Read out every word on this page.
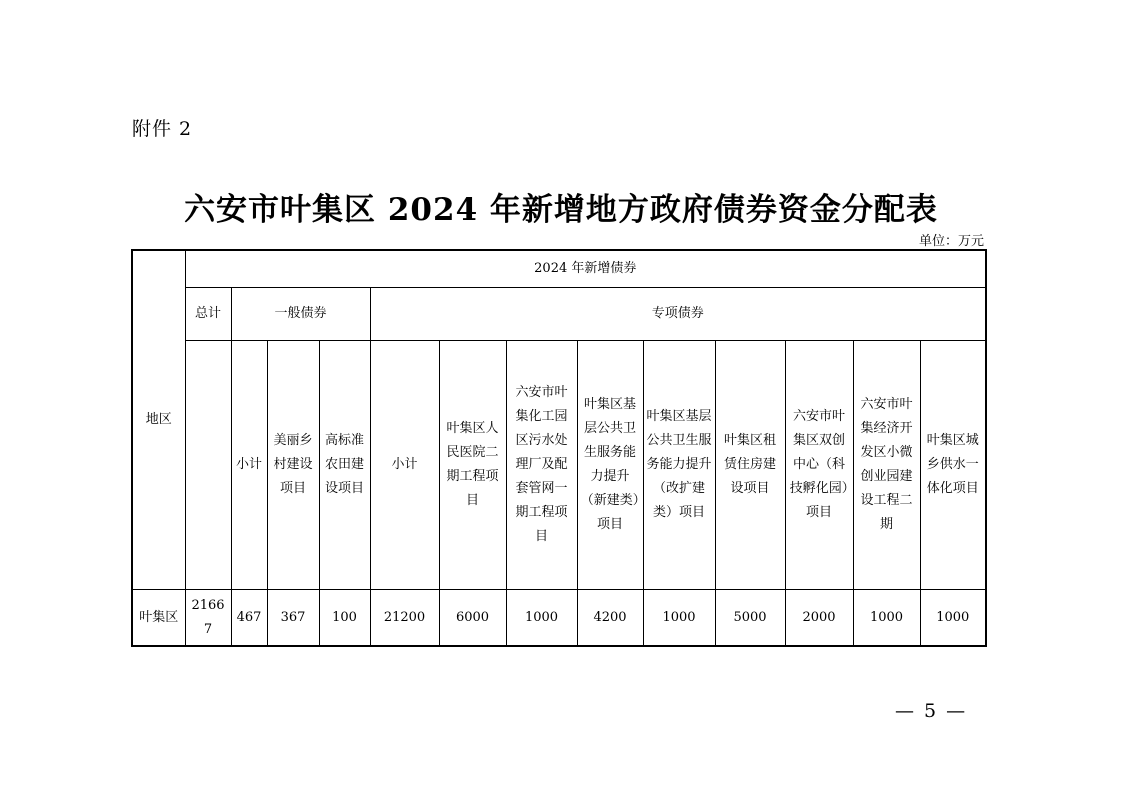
附件 2
六安市叶集区 2024 年新增地方政府债券资金分配表
单位：万元
地区	2024 年新增债券												
	总计	一般债券			专项债券								
		小计	美丽乡村建设项目	高标准农田建设项目	小计	叶集区人民医院二期工程项目	六安市叶集化工园区污水处理厂及配套管网一期工程项目	叶集区基层公共卫生服务能力提升（新建类）项目	叶集区基层公共卫生服务能力提升（改扩建类）项目	叶集区租赁住房建设项目	六安市叶集区双创中心（科技孵化园）项目	六安市叶集经济开发区小微创业园建设工程二期	叶集区城乡供水一体化项目
叶集区	21667	467	367	100	21200	6000	1000	4200	1000	5000	2000	1000	1000
— 5 —
